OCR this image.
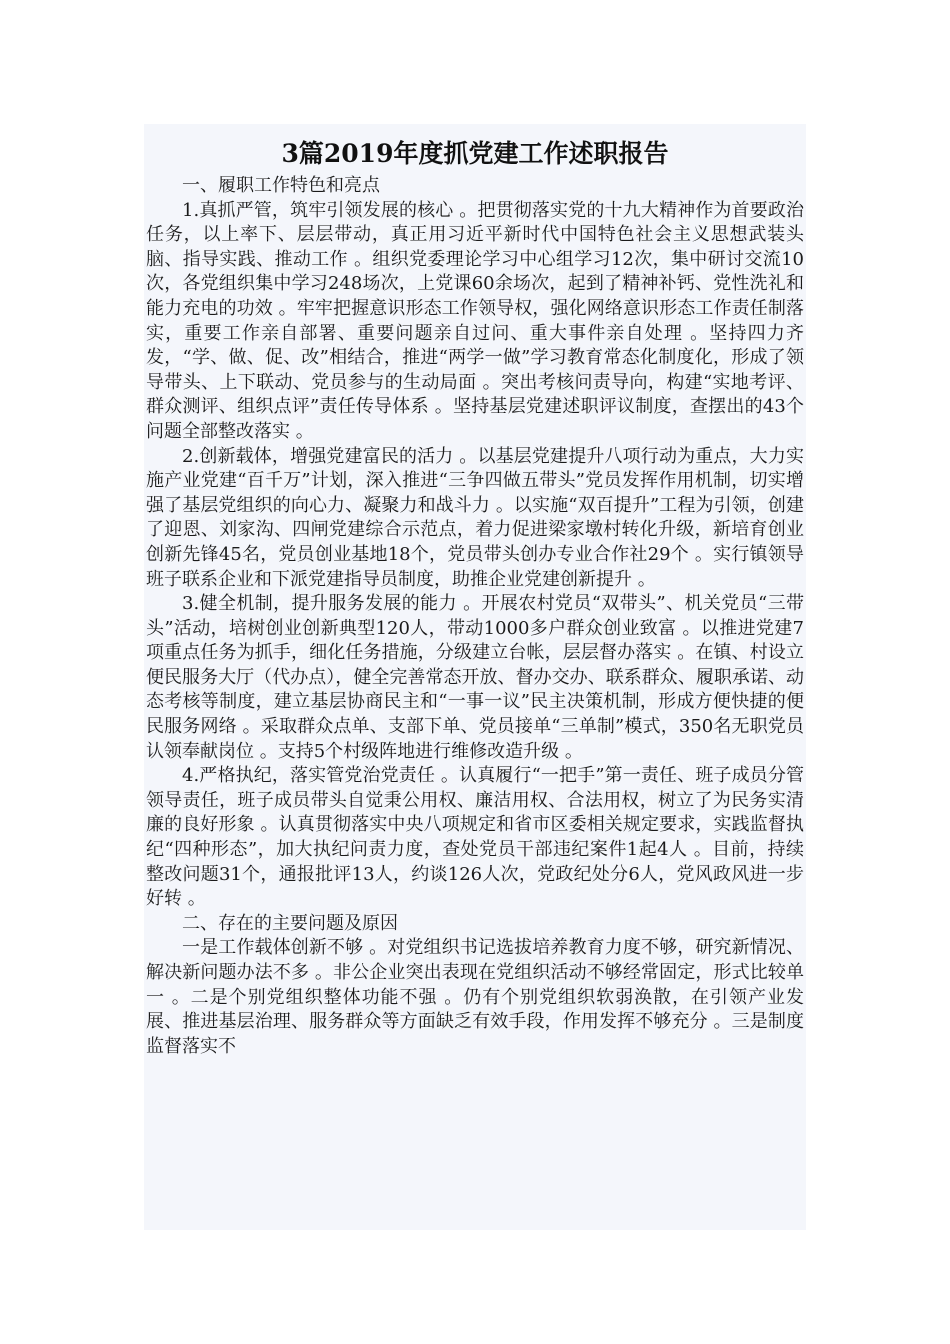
3篇2019年度抓党建工作述职报告

一、履职工作特色和亮点

1.真抓严管，筑牢引领发展的核心 。把贯彻落实党的十九大精神作为首要政治任务，以上率下、层层带动，真正用习近平新时代中国特色社会主义思想武装头脑、指导实践、推动工作 。组织党委理论学习中心组学习12次，集中研讨交流10次，各党组织集中学习248场次，上党课60余场次，起到了精神补钙、党性洗礼和能力充电的功效 。牢牢把握意识形态工作领导权，强化网络意识形态工作责任制落实，重要工作亲自部署、重要问题亲自过问、重大事件亲自处理 。坚持四力齐发，“学、做、促、改”相结合，推进“两学一做”学习教育常态化制度化，形成了领导带头、上下联动、党员参与的生动局面 。突出考核问责导向，构建“实地考评、群众测评、组织点评”责任传导体系 。坚持基层党建述职评议制度，查摆出的43个问题全部整改落实 。

2.创新载体，增强党建富民的活力 。以基层党建提升八项行动为重点，大力实施产业党建“百千万”计划，深入推进“三争四做五带头”党员发挥作用机制，切实增强了基层党组织的向心力、凝聚力和战斗力 。以实施“双百提升”工程为引领，创建了迎恩、刘家沟、四闸党建综合示范点，着力促进梁家墩村转化升级，新培育创业创新先锋45名，党员创业基地18个，党员带头创办专业合作社29个 。实行镇领导班子联系企业和下派党建指导员制度，助推企业党建创新提升 。

3.健全机制，提升服务发展的能力 。开展农村党员“双带头”、机关党员“三带头”活动，培树创业创新典型120人，带动1000多户群众创业致富 。以推进党建7项重点任务为抓手，细化任务措施，分级建立台帐，层层督办落实 。在镇、村设立便民服务大厅（代办点），健全完善常态开放、督办交办、联系群众、履职承诺、动态考核等制度，建立基层协商民主和“一事一议”民主决策机制，形成方便快捷的便民服务网络 。采取群众点单、支部下单、党员接单“三单制”模式，350名无职党员认领奉献岗位 。支持5个村级阵地进行维修改造升级 。

4.严格执纪，落实管党治党责任 。认真履行“一把手”第一责任、班子成员分管领导责任，班子成员带头自觉秉公用权、廉洁用权、合法用权，树立了为民务实清廉的良好形象 。认真贯彻落实中央八项规定和省市区委相关规定要求，实践监督执纪“四种形态”，加大执纪问责力度，查处党员干部违纪案件1起4人 。目前，持续整改问题31个，通报批评13人，约谈126人次，党政纪处分6人，党风政风进一步好转 。

二、存在的主要问题及原因

一是工作载体创新不够 。对党组织书记选拔培养教育力度不够，研究新情况、解决新问题办法不多 。非公企业突出表现在党组织活动不够经常固定，形式比较单一 。二是个别党组织整体功能不强 。仍有个别党组织软弱涣散，在引领产业发展、推进基层治理、服务群众等方面缺乏有效手段，作用发挥不够充分 。三是制度监督落实不
